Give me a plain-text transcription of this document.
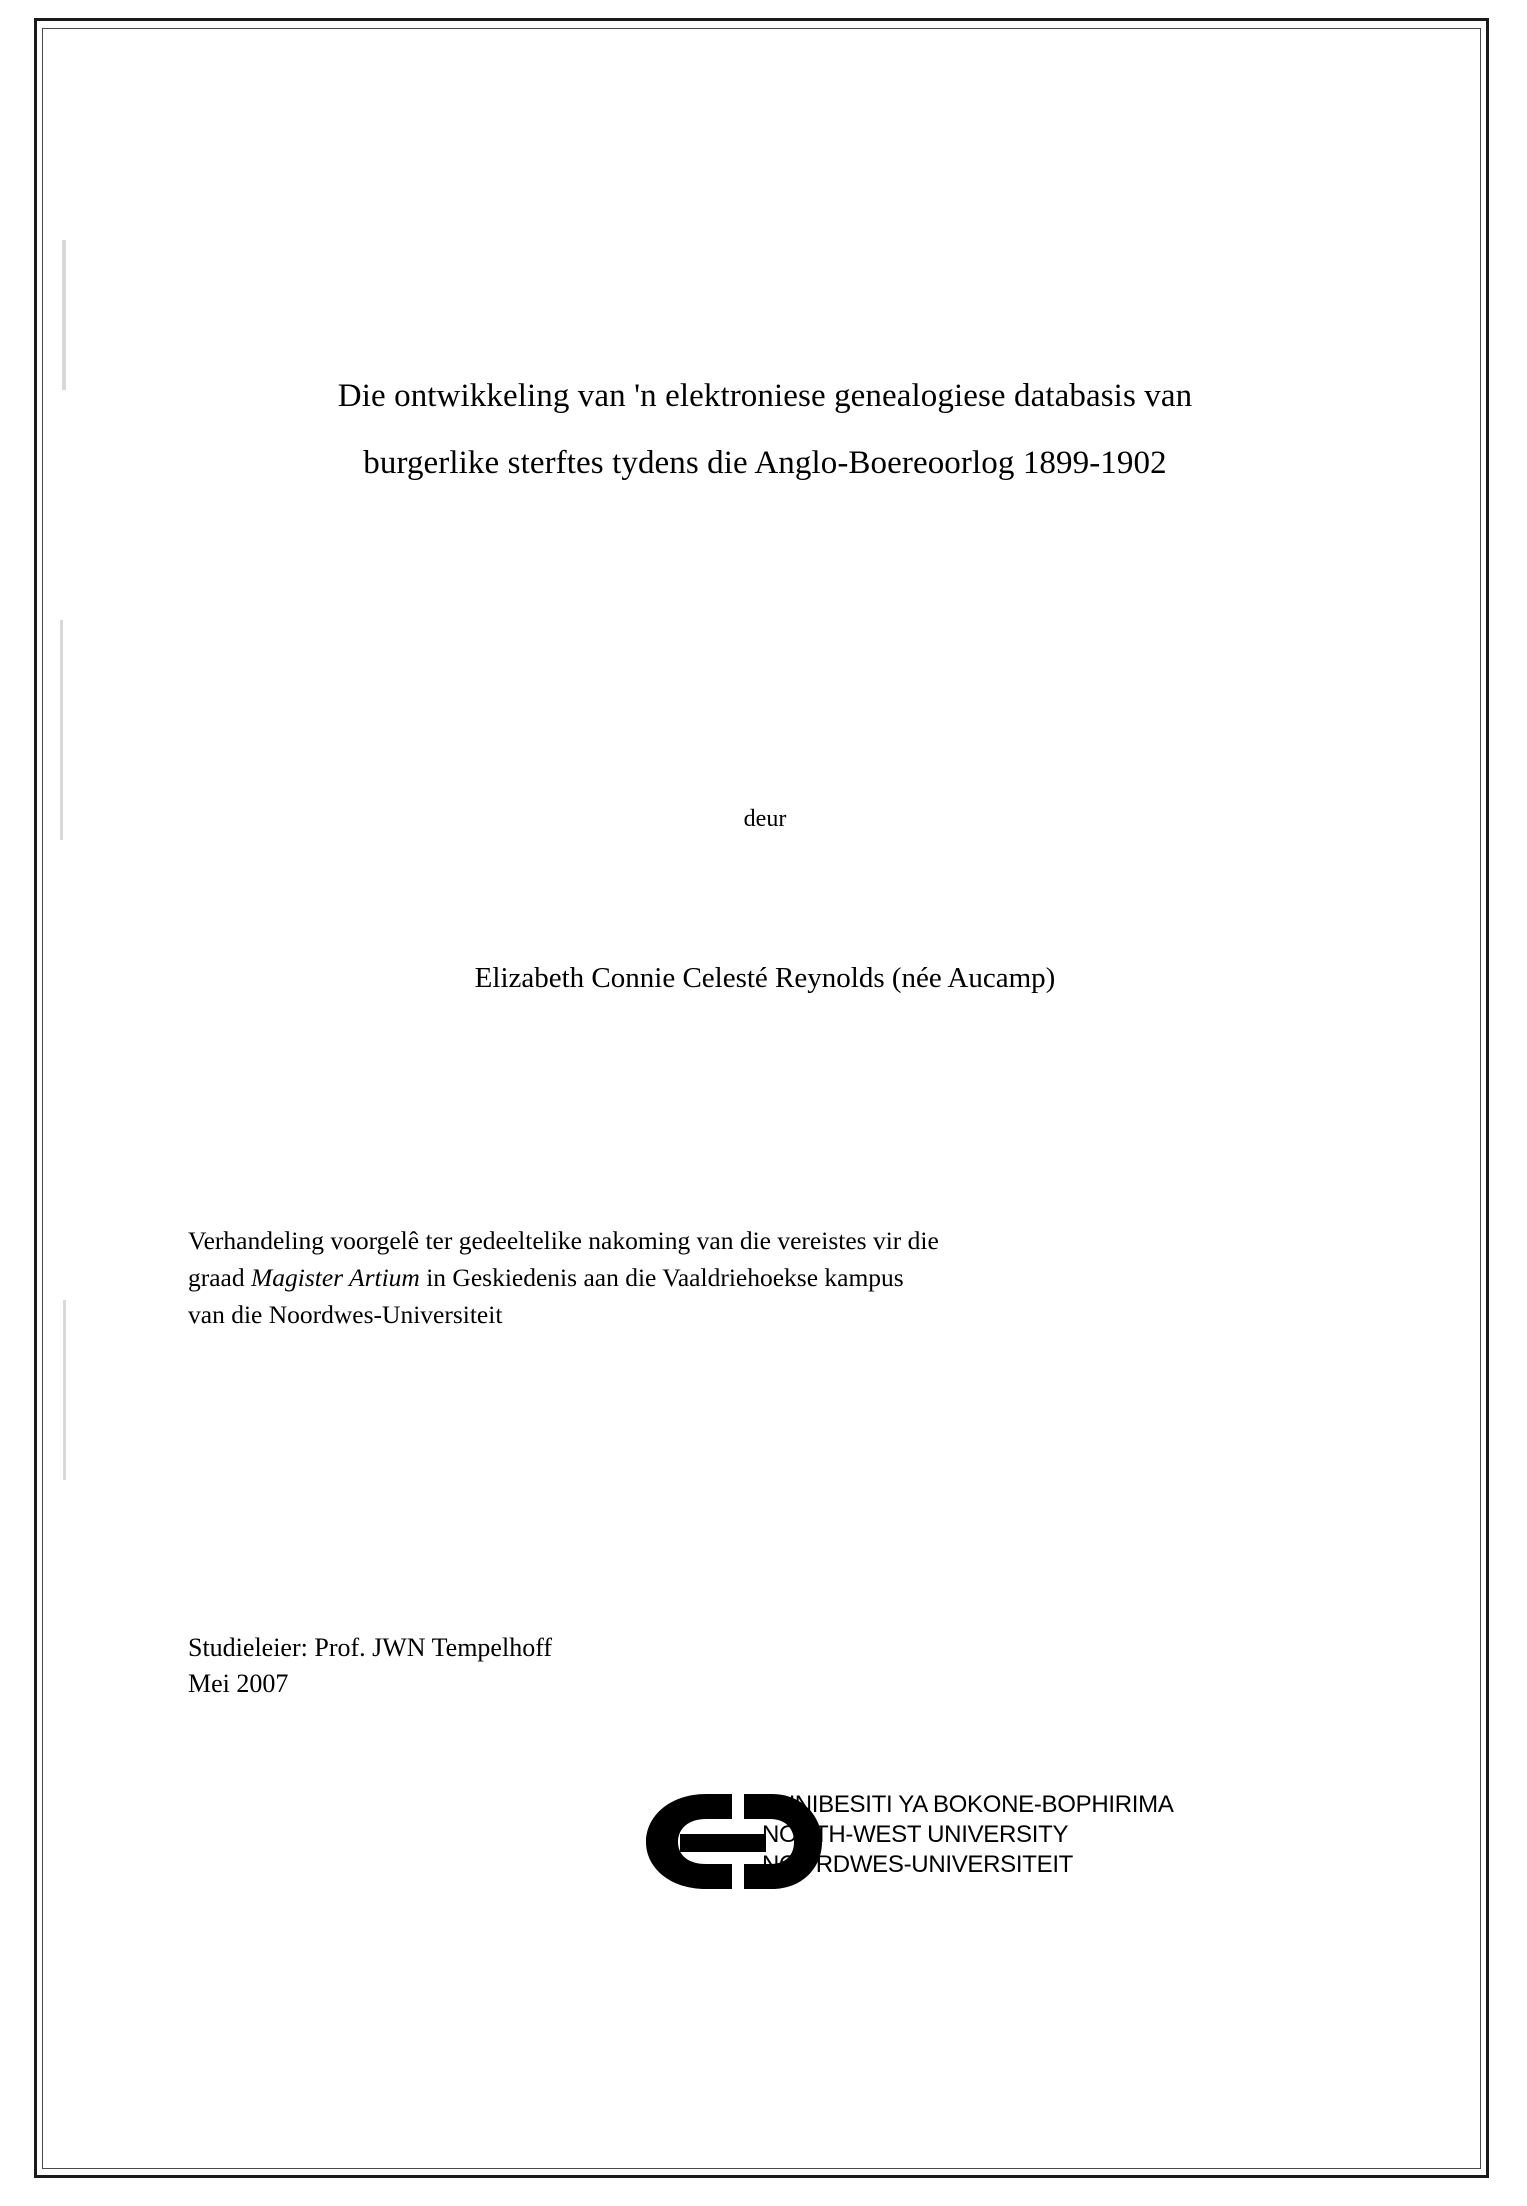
Die ontwikkeling van 'n elektroniese genealogiese databasis van
burgerlike sterftes tydens die Anglo-Boereoorlog 1899-1902
deur
Elizabeth Connie Celesté Reynolds (née Aucamp)
Verhandeling voorgelê ter gedeeltelike nakoming van die vereistes vir die
graad Magister Artium in Geskiedenis aan die Vaaldriehoekse kampus
van die Noordwes-Universiteit
Studieleier: Prof. JWN Tempelhoff
Mei 2007
YUNIBESITI YA BOKONE-BOPHIRIMA
NORTH-WEST UNIVERSITY
NOORDWES-UNIVERSITEIT
